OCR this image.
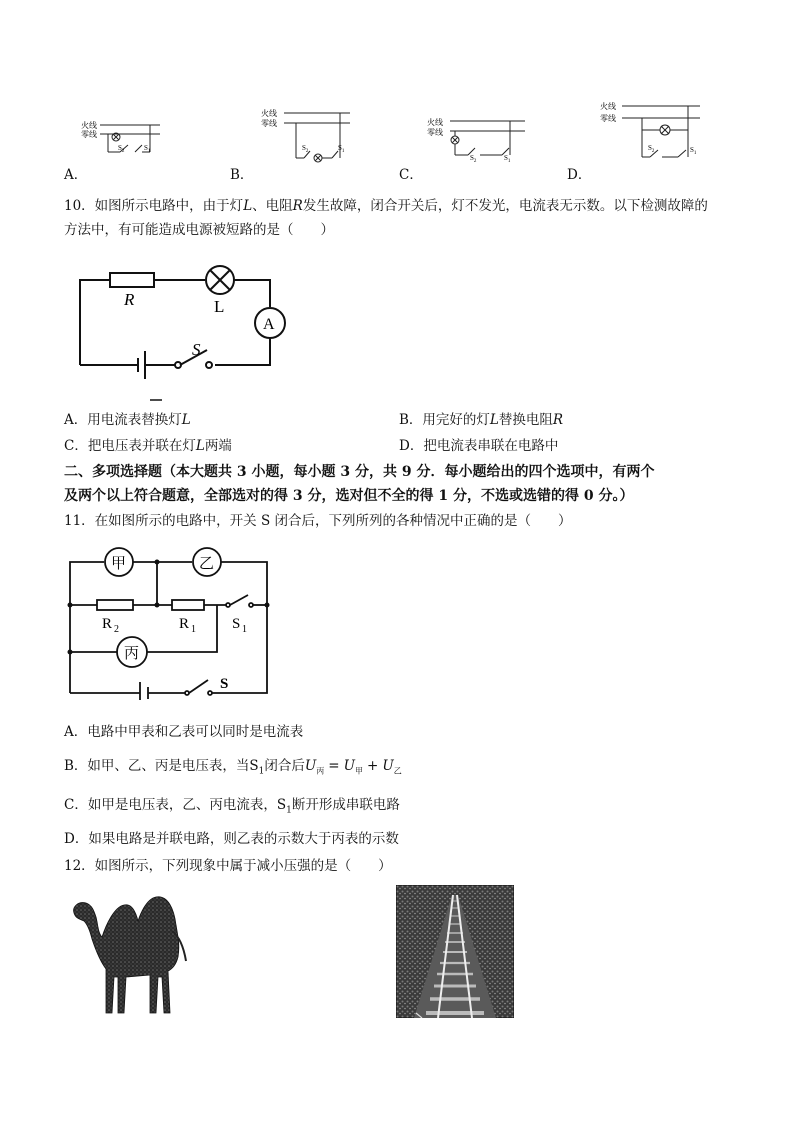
火线
零线
$S_2$	$S_1$
A．
火线
零线
$S_2$	$S_1$
B．
火线
零线
$S_2$	$S_1$
C．
火线
零线
$S_2$	$S_1$
D．
10．如图所示电路中，由于灯L、电阻R发生故障，闭合开关后，灯不发光，电流表无示数。以下检测故障的
方法中，有可能造成电源被短路的是（　　）
R	L
A
S
A．用电流表替换灯L	B．用完好的灯L替换电阻R
C．把电压表并联在灯L两端	D．把电流表串联在电路中
二、多项选择题（本大题共 3 小题，每小题 3 分，共 9 分．每小题给出的四个选项中，有两个
及两个以上符合题意，全部选对的得 3 分，选对但不全的得 1 分，不选或选错的得 0 分。）
11．在如图所示的电路中，开关 S 闭合后，下列所列的各种情况中正确的是（　　）
甲	乙
丙
R 2	R 1 S 1
S
A．电路中甲表和乙表可以同时是电流表
B．如甲、乙、丙是电压表，当$S_1$闭合后$U_丙 = U_甲 + U_乙$
C．如甲是电压表，乙、丙电流表，$S_1$断开形成串联电路
D．如果电路是并联电路，则乙表的示数大于丙表的示数
12．如图所示，下列现象中属于减小压强的是（　　）
